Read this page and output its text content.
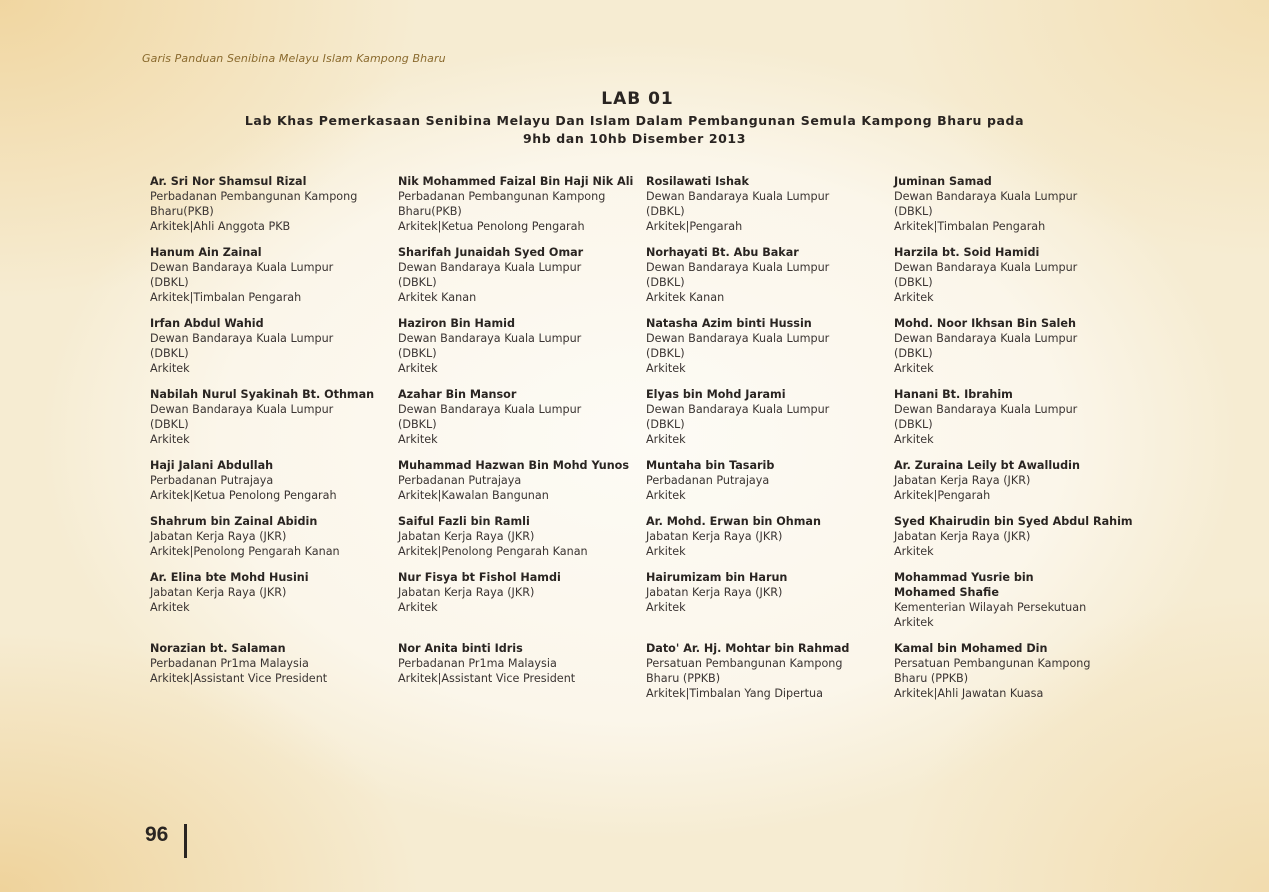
Garis Panduan Senibina Melayu Islam Kampong Bharu
LAB 01
Lab Khas Pemerkasaan Senibina Melayu Dan Islam Dalam Pembangunan Semula Kampong Bharu pada
9hb dan 10hb Disember 2013
Ar. Sri Nor Shamsul Rizal
Perbadanan Pembangunan Kampong Bharu(PKB)
Arkitek|Ahli Anggota PKB
Nik Mohammed Faizal Bin Haji Nik Ali
Perbadanan Pembangunan Kampong Bharu(PKB)
Arkitek|Ketua Penolong Pengarah
Rosilawati Ishak
Dewan Bandaraya Kuala Lumpur (DBKL)
Arkitek|Pengarah
Juminan Samad
Dewan Bandaraya Kuala Lumpur (DBKL)
Arkitek|Timbalan Pengarah
Hanum Ain Zainal
Dewan Bandaraya Kuala Lumpur (DBKL)
Arkitek|Timbalan Pengarah
Sharifah Junaidah Syed Omar
Dewan Bandaraya Kuala Lumpur (DBKL)
Arkitek Kanan
Norhayati Bt. Abu Bakar
Dewan Bandaraya Kuala Lumpur (DBKL)
Arkitek Kanan
Harzila bt. Soid Hamidi
Dewan Bandaraya Kuala Lumpur (DBKL)
Arkitek
Irfan Abdul Wahid
Dewan Bandaraya Kuala Lumpur (DBKL)
Arkitek
Haziron Bin Hamid
Dewan Bandaraya Kuala Lumpur (DBKL)
Arkitek
Natasha Azim binti Hussin
Dewan Bandaraya Kuala Lumpur (DBKL)
Arkitek
Mohd. Noor Ikhsan Bin Saleh
Dewan Bandaraya Kuala Lumpur (DBKL)
Arkitek
Nabilah Nurul Syakinah Bt. Othman
Dewan Bandaraya Kuala Lumpur (DBKL)
Arkitek
Azahar Bin Mansor
Dewan Bandaraya Kuala Lumpur (DBKL)
Arkitek
Elyas bin Mohd Jarami
Dewan Bandaraya Kuala Lumpur (DBKL)
Arkitek
Hanani Bt. Ibrahim
Dewan Bandaraya Kuala Lumpur (DBKL)
Arkitek
Haji Jalani Abdullah
Perbadanan Putrajaya
Arkitek|Ketua Penolong Pengarah
Muhammad Hazwan Bin Mohd Yunos
Perbadanan Putrajaya
Arkitek|Kawalan Bangunan
Muntaha bin Tasarib
Perbadanan Putrajaya
Arkitek
Ar. Zuraina Leily bt Awalludin
Jabatan Kerja Raya (JKR)
Arkitek|Pengarah
Shahrum bin Zainal Abidin
Jabatan Kerja Raya (JKR)
Arkitek|Penolong Pengarah Kanan
Saiful Fazli bin Ramli
Jabatan Kerja Raya (JKR)
Arkitek|Penolong Pengarah Kanan
Ar. Mohd. Erwan bin Ohman
Jabatan Kerja Raya (JKR)
Arkitek
Syed Khairudin bin Syed Abdul Rahim
Jabatan Kerja Raya (JKR)
Arkitek
Ar. Elina bte Mohd Husini
Jabatan Kerja Raya (JKR)
Arkitek
Nur Fisya bt Fishol Hamdi
Jabatan Kerja Raya (JKR)
Arkitek
Hairumizam bin Harun
Jabatan Kerja Raya (JKR)
Arkitek
Mohammad Yusrie bin Mohamed Shafie
Kementerian Wilayah Persekutuan
Arkitek
Norazian bt. Salaman
Perbadanan Pr1ma Malaysia
Arkitek|Assistant Vice President
Nor Anita binti Idris
Perbadanan Pr1ma Malaysia
Arkitek|Assistant Vice President
Dato' Ar. Hj. Mohtar bin Rahmad
Persatuan Pembangunan Kampong Bharu (PPKB)
Arkitek|Timbalan Yang Dipertua
Kamal bin Mohamed Din
Persatuan Pembangunan Kampong Bharu (PPKB)
Arkitek|Ahli Jawatan Kuasa
96
